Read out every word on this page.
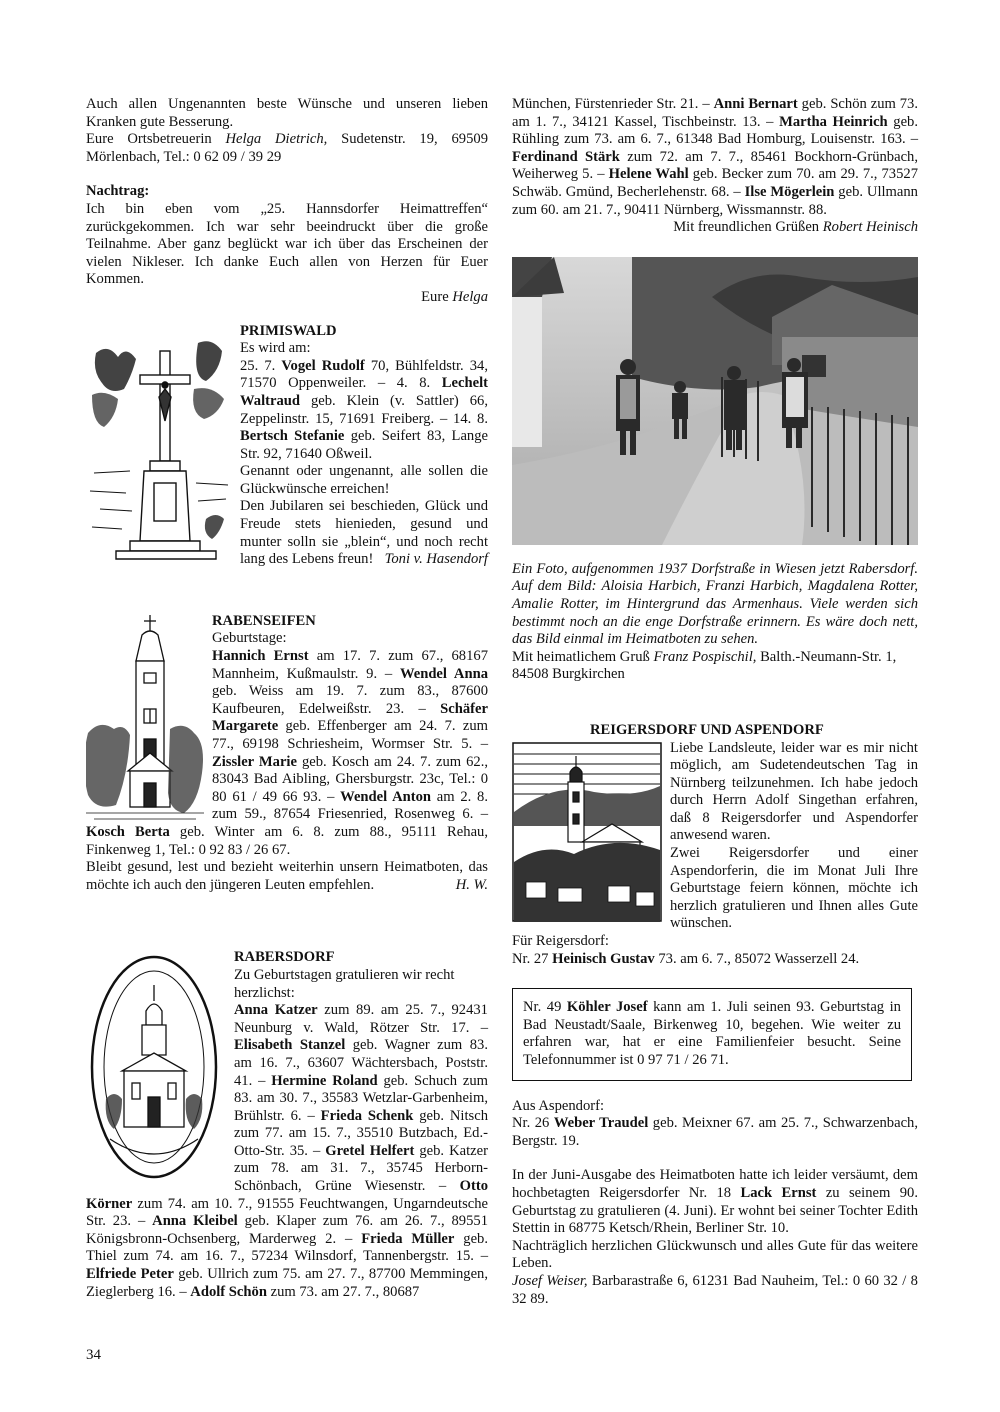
Auch allen Ungenannten beste Wünsche und unseren lieben Kranken gute Besserung.

Eure Ortsbetreuerin Helga Dietrich, Sudetenstr. 19, 69509 Mörlenbach, Tel.: 0 62 09 / 39 29

Nachtrag:

Ich bin eben vom „25. Hannsdorfer Heimattreffen“ zurückgekommen. Ich war sehr beeindruckt über die große Teilnahme. Aber ganz beglückt war ich über das Erscheinen der vielen Nikleser. Ich danke Euch allen von Herzen für Euer Kommen.

Eure Helga

PRIMISWALD

Es wird am:

25. 7. Vogel Rudolf 70, Bühlfeldstr. 34, 71570 Oppenweiler. – 4. 8. Lechelt Waltraud geb. Klein (v. Sattler) 66, Zeppelinstr. 15, 71691 Freiberg. – 14. 8. Bertsch Stefanie geb. Seifert 83, Lange Str. 92, 71640 Oßweil.

Genannt oder ungenannt, alle sollen die Glückwünsche erreichen!

Den Jubilaren sei beschieden, Glück und Freude stets hienieden, gesund und munter solln sie „blein“, und noch recht lang des Lebens freun! Toni v. Hasendorf

RABENSEIFEN

Geburtstage:

Hannich Ernst am 17. 7. zum 67., 68167 Mannheim, Kußmaulstr. 9. – Wendel Anna geb. Weiss am 19. 7. zum 83., 87600 Kaufbeuren, Edelweißstr. 23. – Schäfer Margarete geb. Effenberger am 24. 7. zum 77., 69198 Schriesheim, Wormser Str. 5. – Zissler Marie geb. Kosch am 24. 7. zum 62., 83043 Bad Aibling, Ghersburgstr. 23c, Tel.: 0 80 61 / 49 66 93. – Wendel Anton am 2. 8. zum 59., 87654 Friesenried, Rosenweg 6. – Kosch Berta geb. Winter am 6. 8. zum 88., 95111 Rehau, Finkenweg 1, Tel.: 0 92 83 / 26 67.

Bleibt gesund, lest und bezieht weiterhin unsern Heimatboten, das möchte ich auch den jüngeren Leuten empfehlen.	H. W.

RABERSDORF

Zu Geburtstagen gratulieren wir recht herzlichst:

Anna Katzer zum 89. am 25. 7., 92431 Neunburg v. Wald, Rötzer Str. 17. – Elisabeth Stanzel geb. Wagner zum 83. am 16. 7., 63607 Wächtersbach, Poststr. 41. – Hermine Roland geb. Schuch zum 83. am 30. 7., 35583 Wetzlar-Garbenheim, Brühlstr. 6. – Frieda Schenk geb. Nitsch zum 77. am 15. 7., 35510 Butzbach, Ed.-Otto-Str. 35. – Gretel Helfert geb. Katzer zum 78. am 31. 7., 35745 Herborn-Schönbach, Grüne Wiesenstr. – Otto Körner zum 74. am 10. 7., 91555 Feuchtwangen, Ungarndeutsche Str. 23. – Anna Kleibel geb. Klaper zum 76. am 26. 7., 89551 Königsbronn-Ochsenberg, Marderweg 2. – Frieda Müller geb. Thiel zum 74. am 16. 7., 57234 Wilnsdorf, Tannenbergstr. 15. – Elfriede Peter geb. Ullrich zum 75. am 27. 7., 87700 Memmingen, Zieglerberg 16. – Adolf Schön zum 73. am 27. 7., 80687

München, Fürstenrieder Str. 21. – Anni Bernart geb. Schön zum 73. am 1. 7., 34121 Kassel, Tischbeinstr. 13. – Martha Heinrich geb. Rühling zum 73. am 6. 7., 61348 Bad Homburg, Louisenstr. 163. – Ferdinand Stärk zum 72. am 7. 7., 85461 Bockhorn-Grünbach, Weiherweg 5. – Helene Wahl geb. Becker zum 70. am 29. 7., 73527 Schwäb. Gmünd, Becherlehenstr. 68. – Ilse Mögerlein geb. Ullmann zum 60. am 21. 7., 90411 Nürnberg, Wissmannstr. 88.
Mit freundlichen Grüßen Robert Heinisch

Ein Foto, aufgenommen 1937 Dorfstraße in Wiesen jetzt Rabersdorf. Auf dem Bild: Aloisia Harbich, Franzi Harbich, Magdalena Rotter, Amalie Rotter, im Hintergrund das Armenhaus. Viele werden sich bestimmt noch an die enge Dorfstraße erinnern. Es wäre doch nett, das Bild einmal im Heimatboten zu sehen.

Mit heimatlichem Gruß Franz Pospischil, Balth.-Neumann-Str. 1, 84508 Burgkirchen

REIGERSDORF UND ASPENDORF

Liebe Landsleute, leider war es mir nicht möglich, am Sudetendeutschen Tag in Nürnberg teilzunehmen. Ich habe jedoch durch Herrn Adolf Singethan erfahren, daß 8 Reigersdorfer und Aspendorfer anwesend waren.

Zwei Reigersdorfer und einer Aspendorferin, die im Monat Juli Ihre Geburtstage feiern können, möchte ich herzlich gratulieren und Ihnen alles Gute wünschen.

Für Reigersdorf:

Nr. 27 Heinisch Gustav 73. am 6. 7., 85072 Wasserzell 24.

Nr. 49 Köhler Josef kann am 1. Juli seinen 93. Geburtstag in Bad Neustadt/Saale, Birkenweg 10, begehen. Wie weiter zu erfahren war, hat er eine Familienfeier besucht. Seine Telefonnummer ist 0 97 71 / 26 71.

Aus Aspendorf:

Nr. 26 Weber Traudel geb. Meixner 67. am 25. 7., Schwarzenbach, Bergstr. 19.

In der Juni-Ausgabe des Heimatboten hatte ich leider versäumt, dem hochbetagten Reigersdorfer Nr. 18 Lack Ernst zu seinem 90. Geburtstag zu gratulieren (4. Juni). Er wohnt bei seiner Tochter Edith Stettin in 68775 Ketsch/Rhein, Berliner Str. 10.

Nachträglich herzlichen Glückwunsch und alles Gute für das weitere Leben.

Josef Weiser, Barbarastraße 6, 61231 Bad Nauheim, Tel.: 0 60 32 / 8 32 89.

34
